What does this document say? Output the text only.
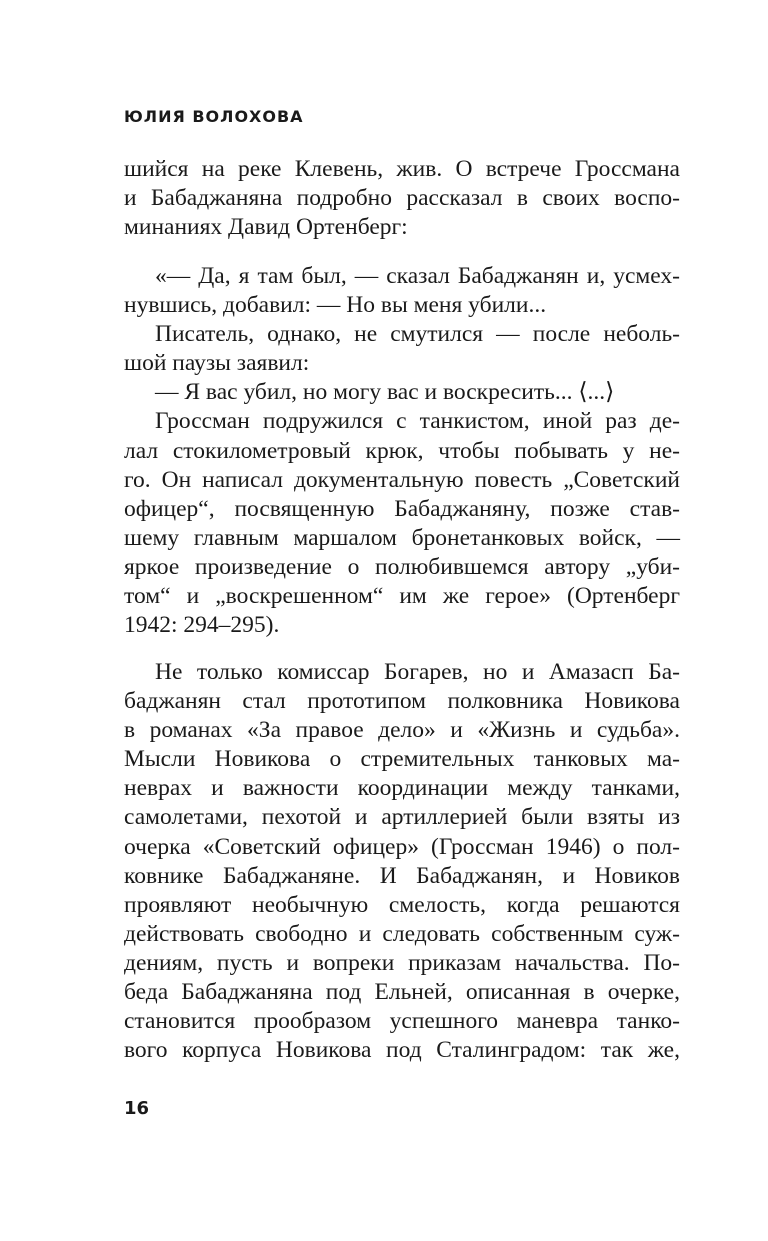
ЮЛИЯ ВОЛОХОВА
шийся на реке Клевень, жив. О встрече Гроссмана
и Бабаджаняна подробно рассказал в своих воспо-
минаниях Давид Ортенберг:
«— Да, я там был, — сказал Бабаджанян и, усмех-
нувшись, добавил: — Но вы меня убили...
Писатель, однако, не смутился — после неболь-
шой паузы заявил:
— Я вас убил, но могу вас и воскресить... ⟨...⟩
Гроссман подружился с танкистом, иной раз де-
лал стокилометровый крюк, чтобы побывать у не-
го. Он написал документальную повесть „Советский
офицер“, посвященную Бабаджаняну, позже став-
шему главным маршалом бронетанковых войск, —
яркое произведение о полюбившемся автору „уби-
том“ и „воскрешенном“ им же герое» (Ортенберг
1942: 294–295).
Не только комиссар Богарев, но и Амазасп Ба-
баджанян стал прототипом полковника Новикова
в романах «За правое дело» и «Жизнь и судьба».
Мысли Новикова о стремительных танковых ма-
неврах и важности координации между танками,
самолетами, пехотой и артиллерией были взяты из
очерка «Советский офицер» (Гроссман 1946) о пол-
ковнике Бабаджаняне. И Бабаджанян, и Новиков
проявляют необычную смелость, когда решаются
действовать свободно и следовать собственным суж-
дениям, пусть и вопреки приказам начальства. По-
беда Бабаджаняна под Ельней, описанная в очерке,
становится прообразом успешного маневра танко-
вого корпуса Новикова под Сталинградом: так же,
16
